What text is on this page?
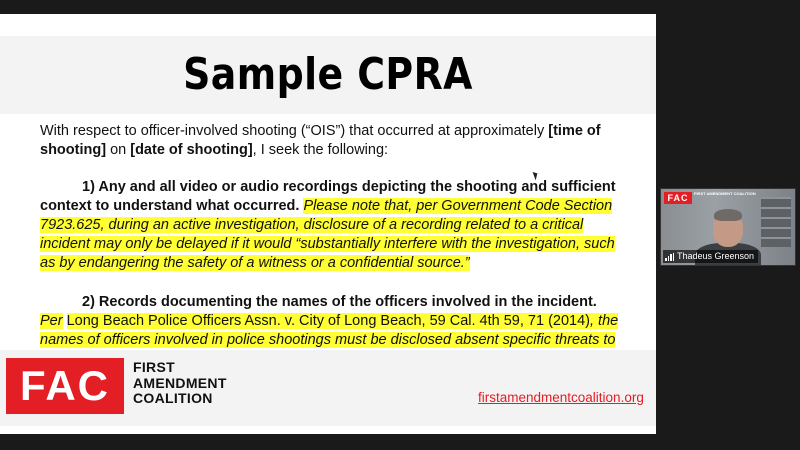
Sample CPRA

With respect to officer-involved shooting (“OIS”) that occurred at approximately [time of shooting] on [date of shooting], I seek the following:

1) Any and all video or audio recordings depicting the shooting and sufficient context to understand what occurred. Please note that, per Government Code Section 7923.625, during an active investigation, disclosure of a recording related to a critical incident may only be delayed if it would “substantially interfere with the investigation, such as by endangering the safety of a witness or a confidential source.”

2) Records documenting the names of the officers involved in the incident. Per Long Beach Police Officers Assn. v. City of Long Beach, 59 Cal. 4th 59, 71 (2014), the names of officers involved in police shootings must be disclosed absent specific threats to

FAC	FIRST
AMENDMENT
COALITION	firstamendmentcoalition.org
FAC	FIRST AMENDMENT COALITION
Thadeus Greenson
